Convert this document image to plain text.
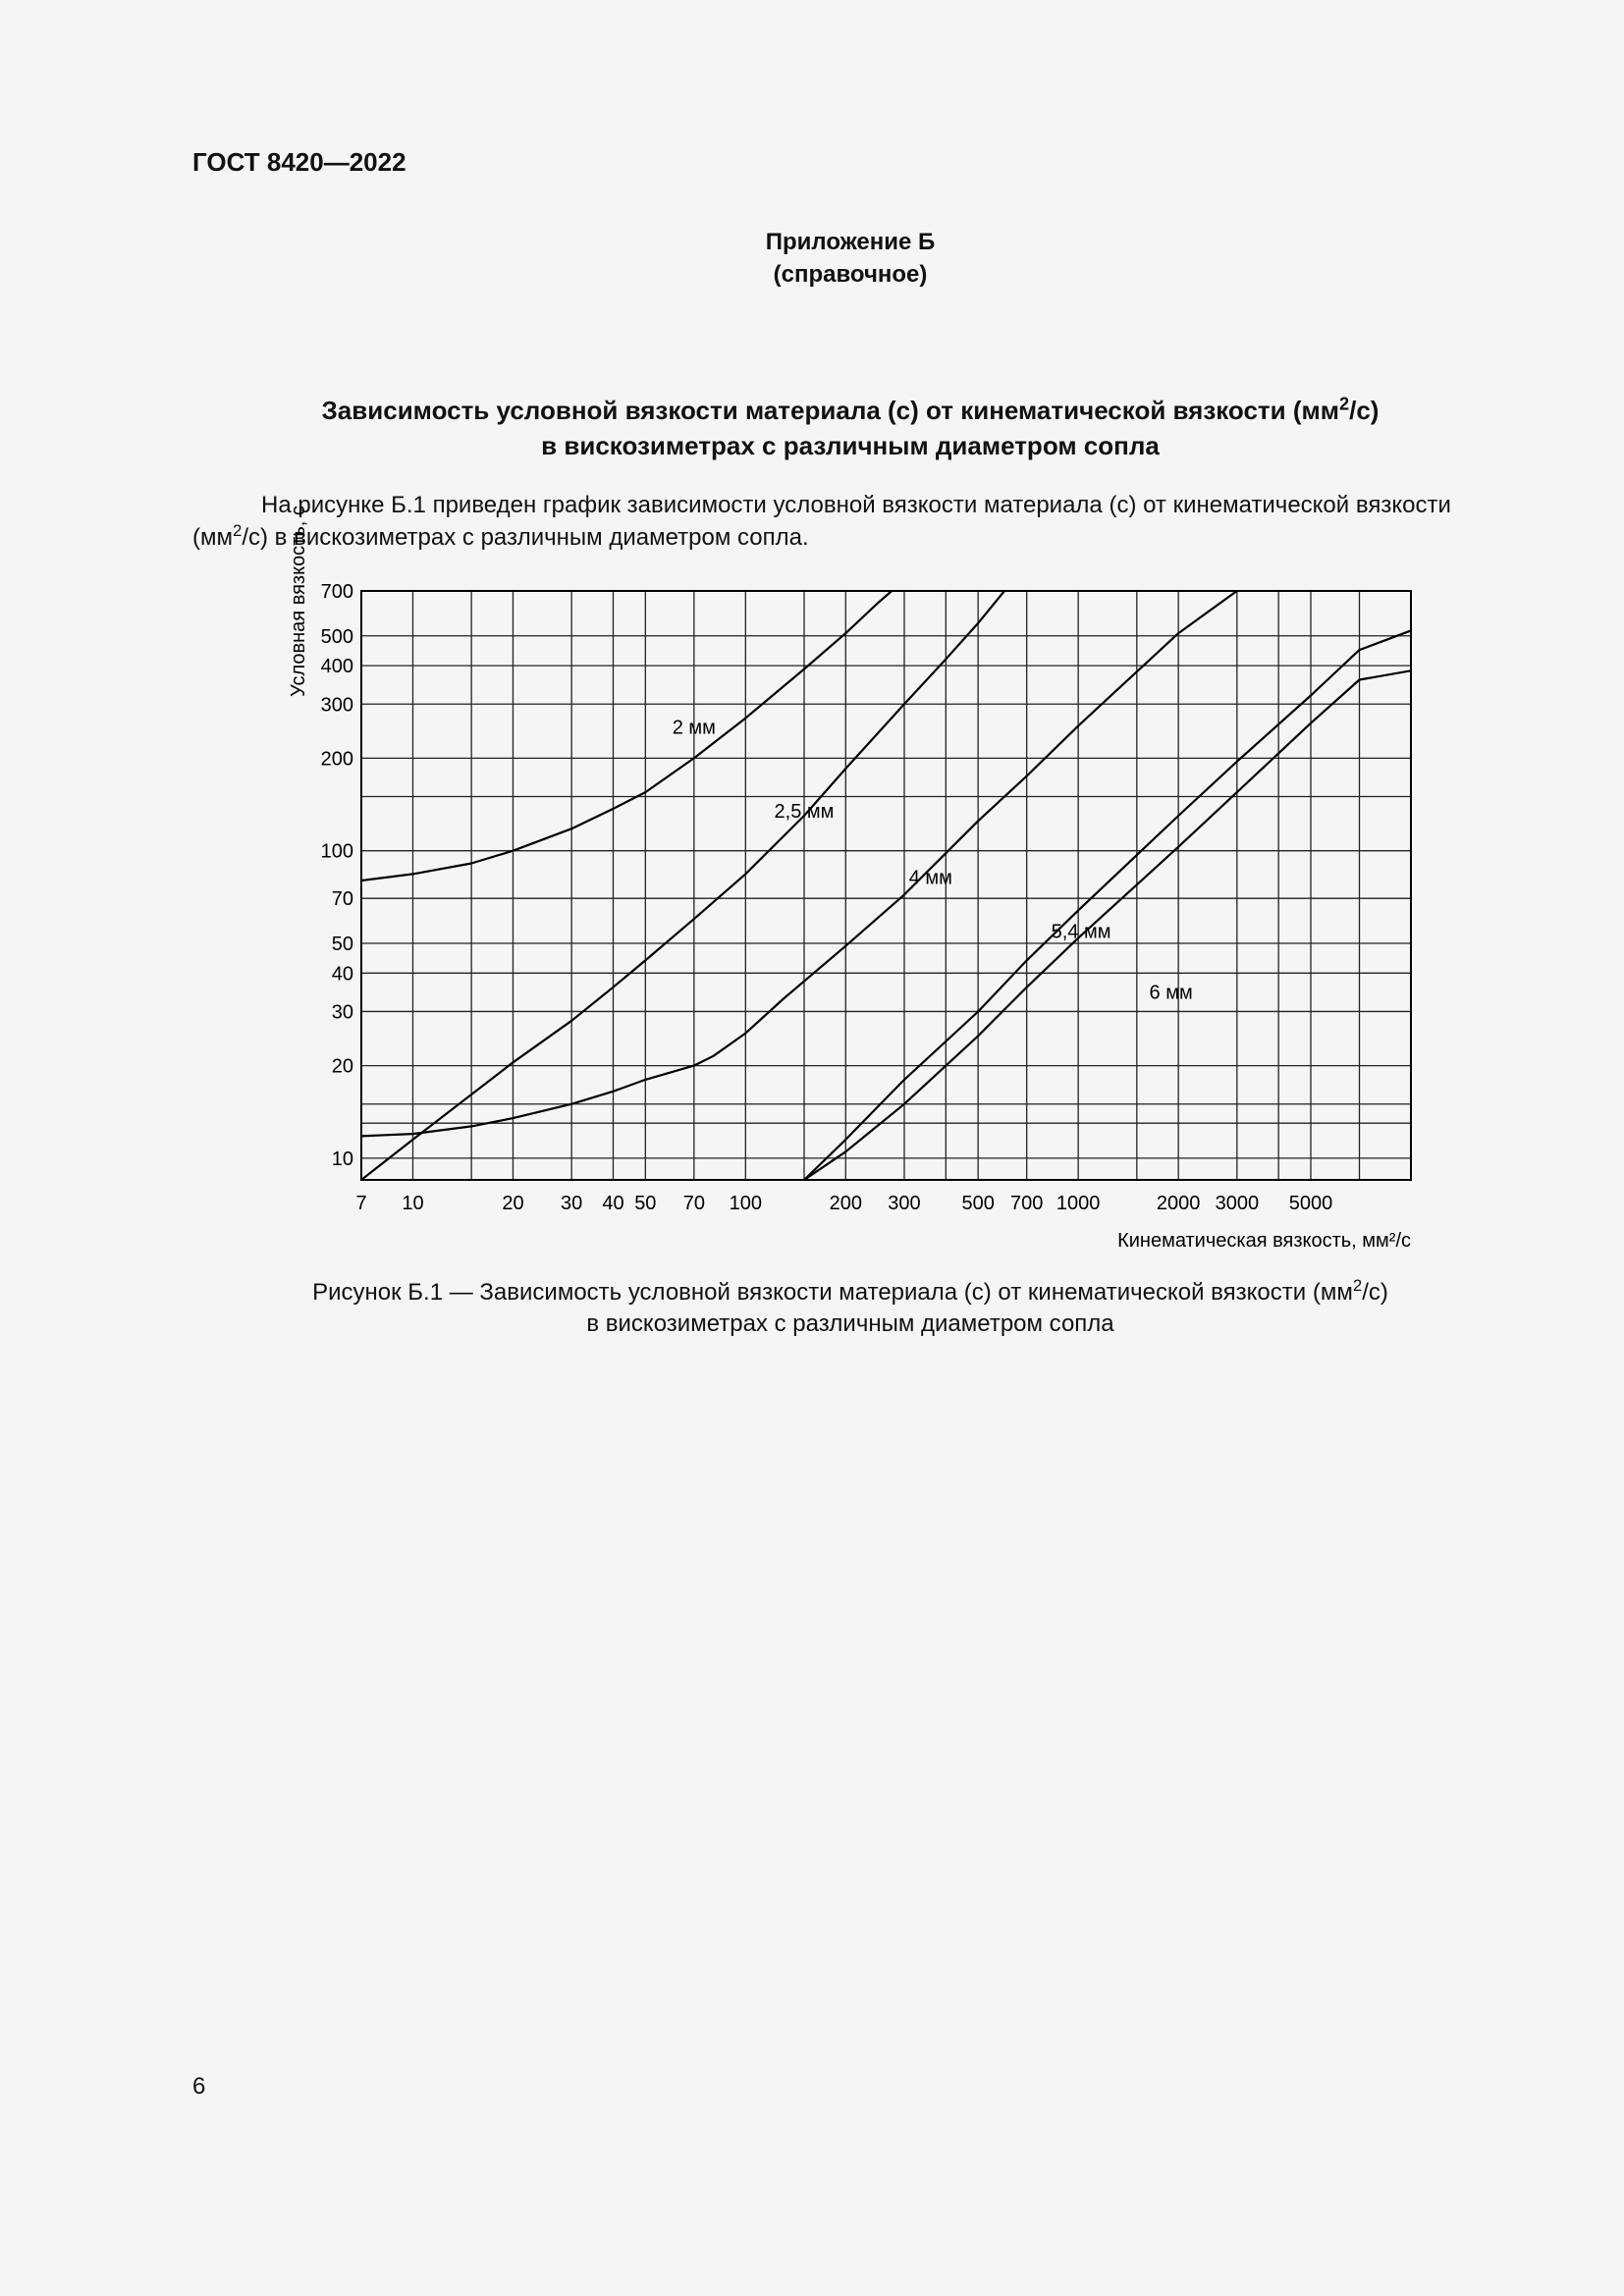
ГОСТ 8420—2022
Приложение Б
(справочное)
Зависимость условной вязкости материала (с) от кинематической вязкости $(мм^2/с)$
в вискозиметрах с различным диаметром сопла
На рисунке Б.1 приведен график зависимости условной вязкости материала (с) от кинематической вязкости $(мм^2/с)$ в вискозиметрах с различным диаметром сопла.
7 10	20 30 40 50 70 100	200 300 500 700 1000	2000 3000 5000
10
20
30
40
50
70
100
200
300
400
500
700
2 мм
2,5 мм
4 мм
5,4 мм
6 мм
Условная вязкость, с
Кинематическая вязкость, мм²/с
Рисунок Б.1 — Зависимость условной вязкости материала (с) от кинематической вязкости $(мм^2/с)$
в вискозиметрах с различным диаметром сопла
6
